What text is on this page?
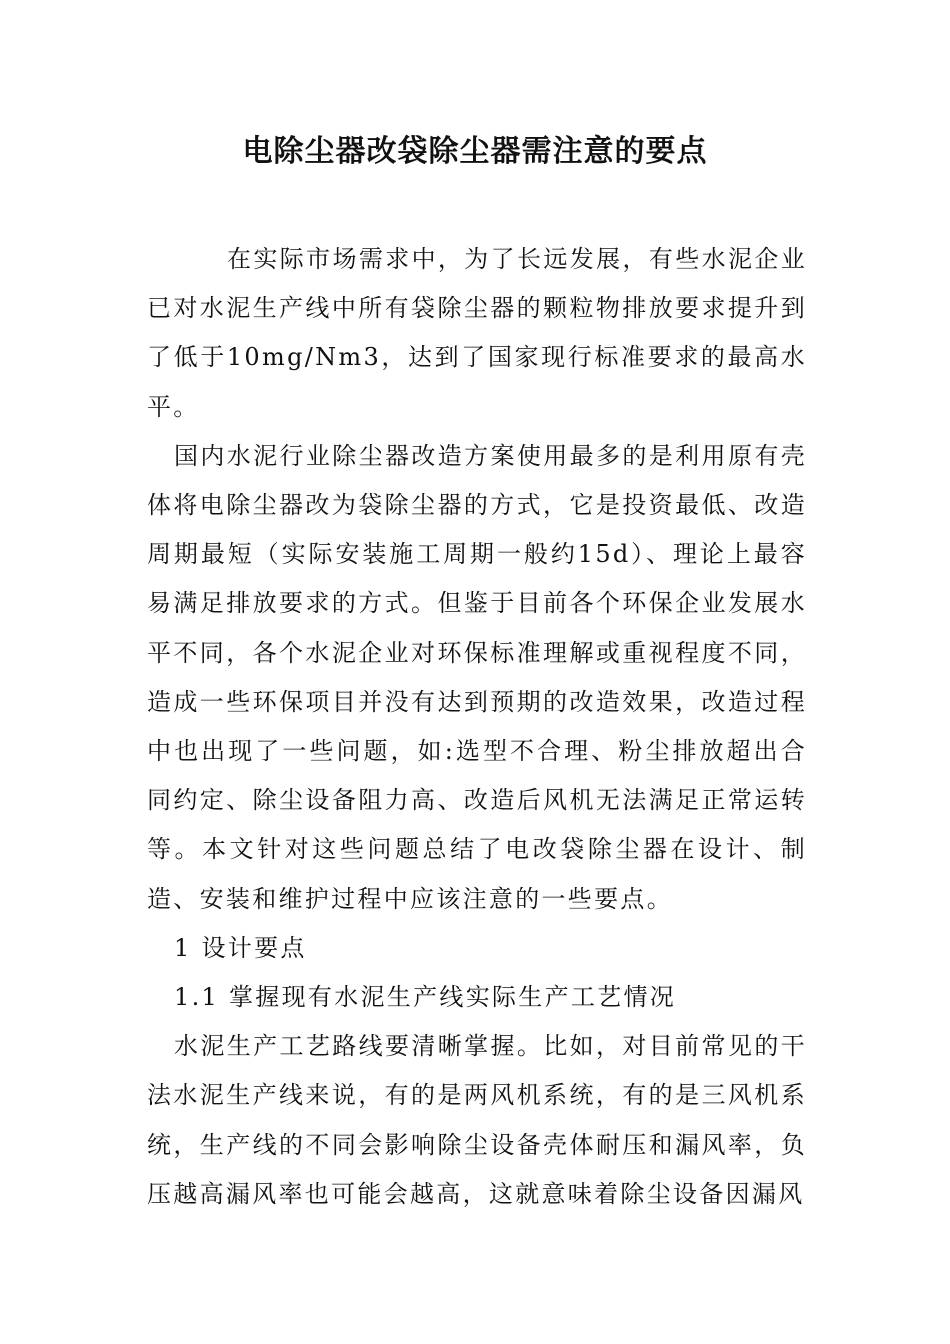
电除尘器改袋除尘器需注意的要点

在实际市场需求中，为了长远发展，有些水泥企业已对水泥生产线中所有袋除尘器的颗粒物排放要求提升到了低于10mg/Nm3，达到了国家现行标准要求的最高水平。

国内水泥行业除尘器改造方案使用最多的是利用原有壳体将电除尘器改为袋除尘器的方式，它是投资最低、改造周期最短（实际安装施工周期一般约15d）、理论上最容易满足排放要求的方式。但鉴于目前各个环保企业发展水平不同，各个水泥企业对环保标准理解或重视程度不同，造成一些环保项目并没有达到预期的改造效果，改造过程中也出现了一些问题，如:选型不合理、粉尘排放超出合同约定、除尘设备阻力高、改造后风机无法满足正常运转等。本文针对这些问题总结了电改袋除尘器在设计、制造、安装和维护过程中应该注意的一些要点。

1 设计要点

1.1 掌握现有水泥生产线实际生产工艺情况

水泥生产工艺路线要清晰掌握。比如，对目前常见的干法水泥生产线来说，有的是两风机系统，有的是三风机系统，生产线的不同会影响除尘设备壳体耐压和漏风率，负压越高漏风率也可能会越高，这就意味着除尘设备因漏风
